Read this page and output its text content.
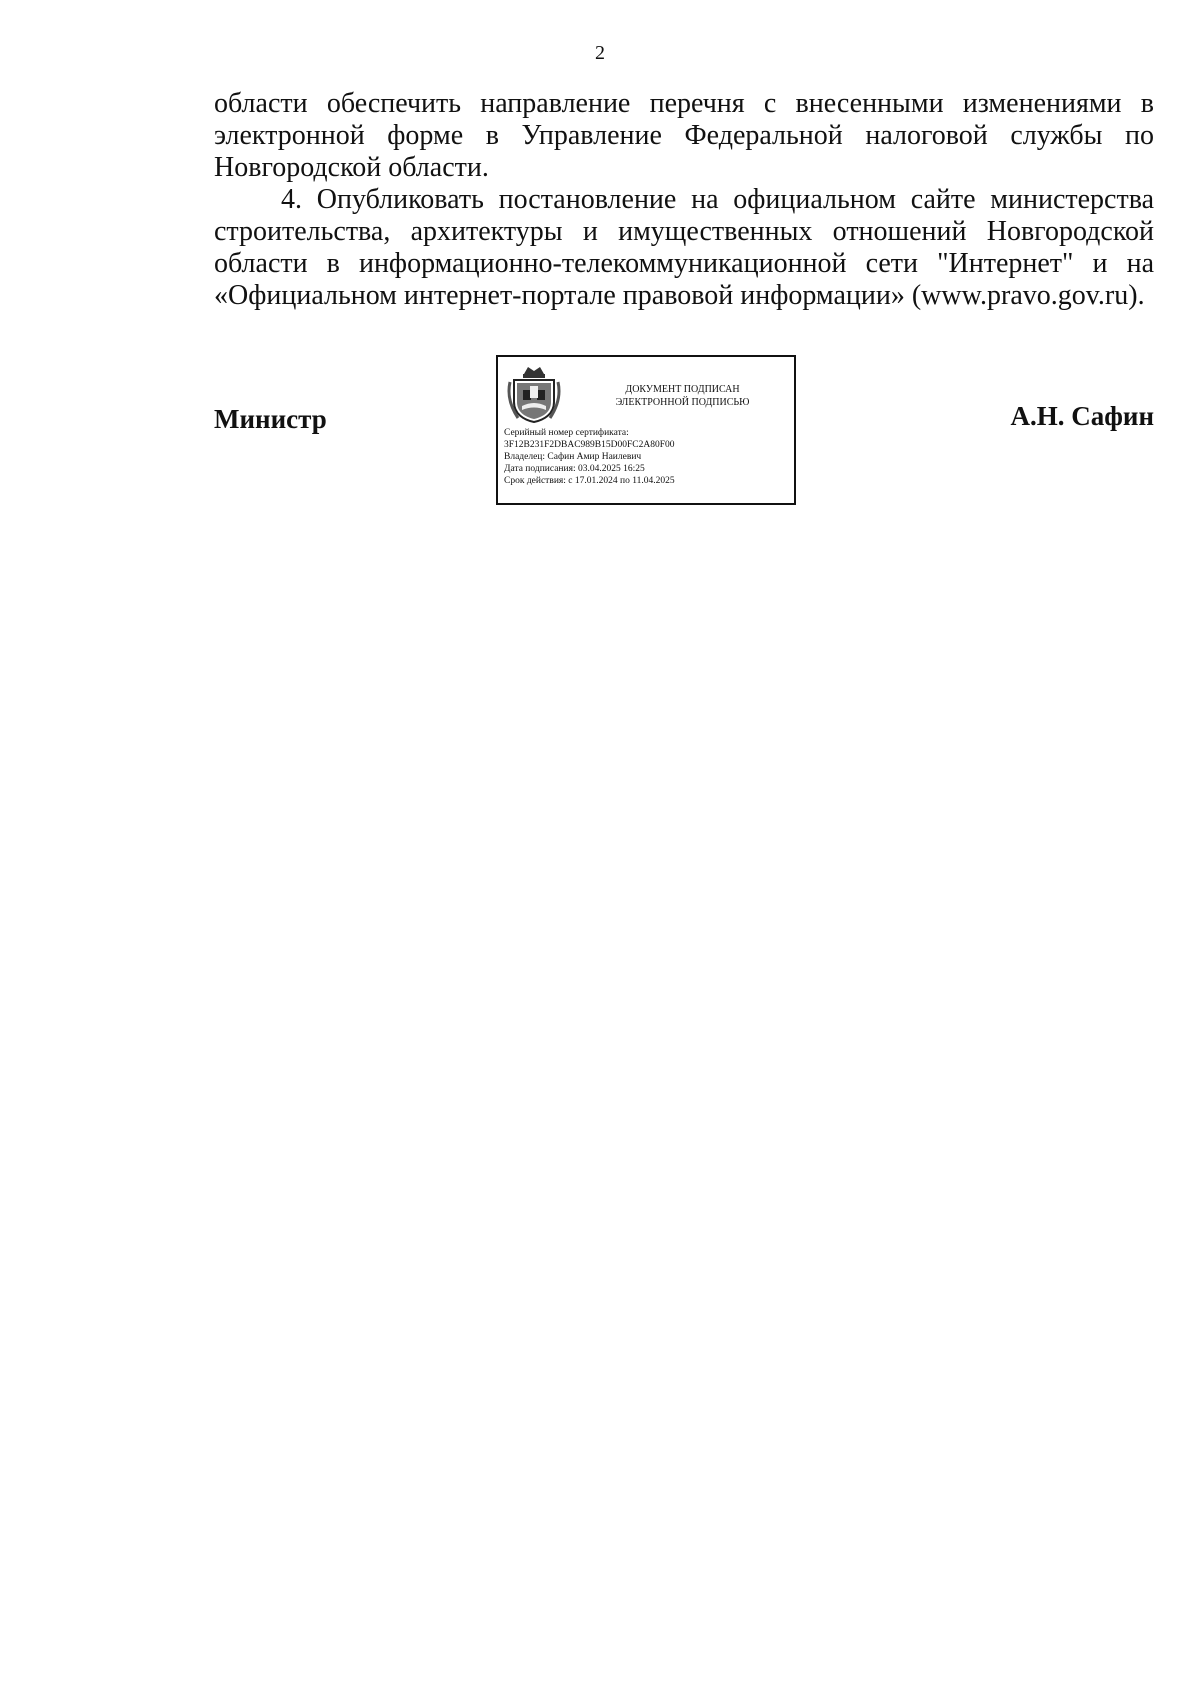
2

области обеспечить направление перечня с внесенными изменениями в электронной форме в Управление Федеральной налоговой службы по Новгородской области.

4. Опубликовать постановление на официальном сайте министерства строительства, архитектуры и имущественных отношений Новгородской области в информационно-телекоммуникационной сети "Интернет" и на «Официальном интернет-портале правовой информации» (www.pravo.gov.ru).

Министр
ДОКУМЕНТ ПОДПИСАН
ЭЛЕКТРОННОЙ ПОДПИСЬЮ
Серийный номер сертификата:
3F12B231F2DBAC989B15D00FC2A80F00
Владелец: Сафин Амир Наилевич
Дата подписания: 03.04.2025 16:25
Срок действия: с 17.01.2024 по 11.04.2025
А.Н. Сафин
